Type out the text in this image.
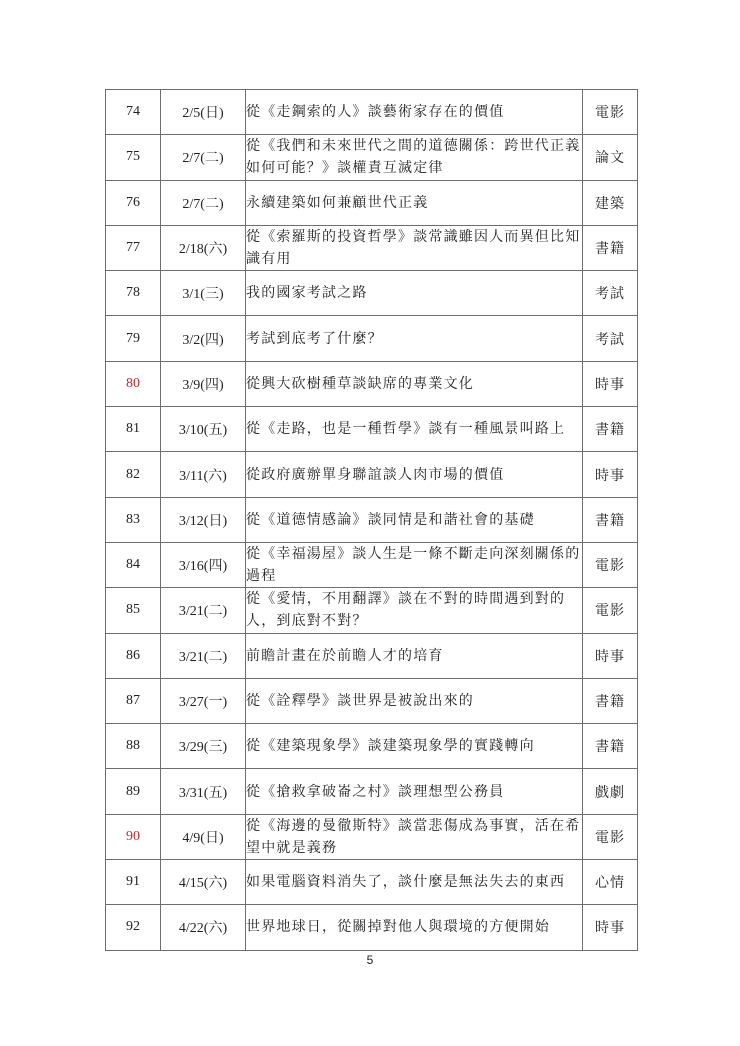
74	2/5(日)	從《走鋼索的人》談藝術家存在的價值	電影
75	2/7(二)	從《我們和未來世代之間的道德關係：跨世代正義如何可能？》談權責互滅定律	論文
76	2/7(二)	永續建築如何兼顧世代正義	建築
77	2/18(六)	從《索羅斯的投資哲學》談常識雖因人而異但比知識有用	書籍
78	3/1(三)	我的國家考試之路	考試
79	3/2(四)	考試到底考了什麼？	考試
80	3/9(四)	從興大砍樹種草談缺席的專業文化	時事
81	3/10(五)	從《走路，也是一種哲學》談有一種風景叫路上	書籍
82	3/11(六)	從政府廣辦單身聯誼談人肉市場的價值	時事
83	3/12(日)	從《道德情感論》談同情是和諧社會的基礎	書籍
84	3/16(四)	從《幸福湯屋》談人生是一條不斷走向深刻關係的過程	電影
85	3/21(二)	從《愛情，不用翻譯》談在不對的時間遇到對的人，到底對不對？	電影
86	3/21(二)	前瞻計畫在於前瞻人才的培育	時事
87	3/27(一)	從《詮釋學》談世界是被說出來的	書籍
88	3/29(三)	從《建築現象學》談建築現象學的實踐轉向	書籍
89	3/31(五)	從《搶救拿破崙之村》談理想型公務員	戲劇
90	4/9(日)	從《海邊的曼徹斯特》談當悲傷成為事實，活在希望中就是義務	電影
91	4/15(六)	如果電腦資料消失了，談什麼是無法失去的東西	心情
92	4/22(六)	世界地球日，從關掉對他人與環境的方便開始	時事
5
